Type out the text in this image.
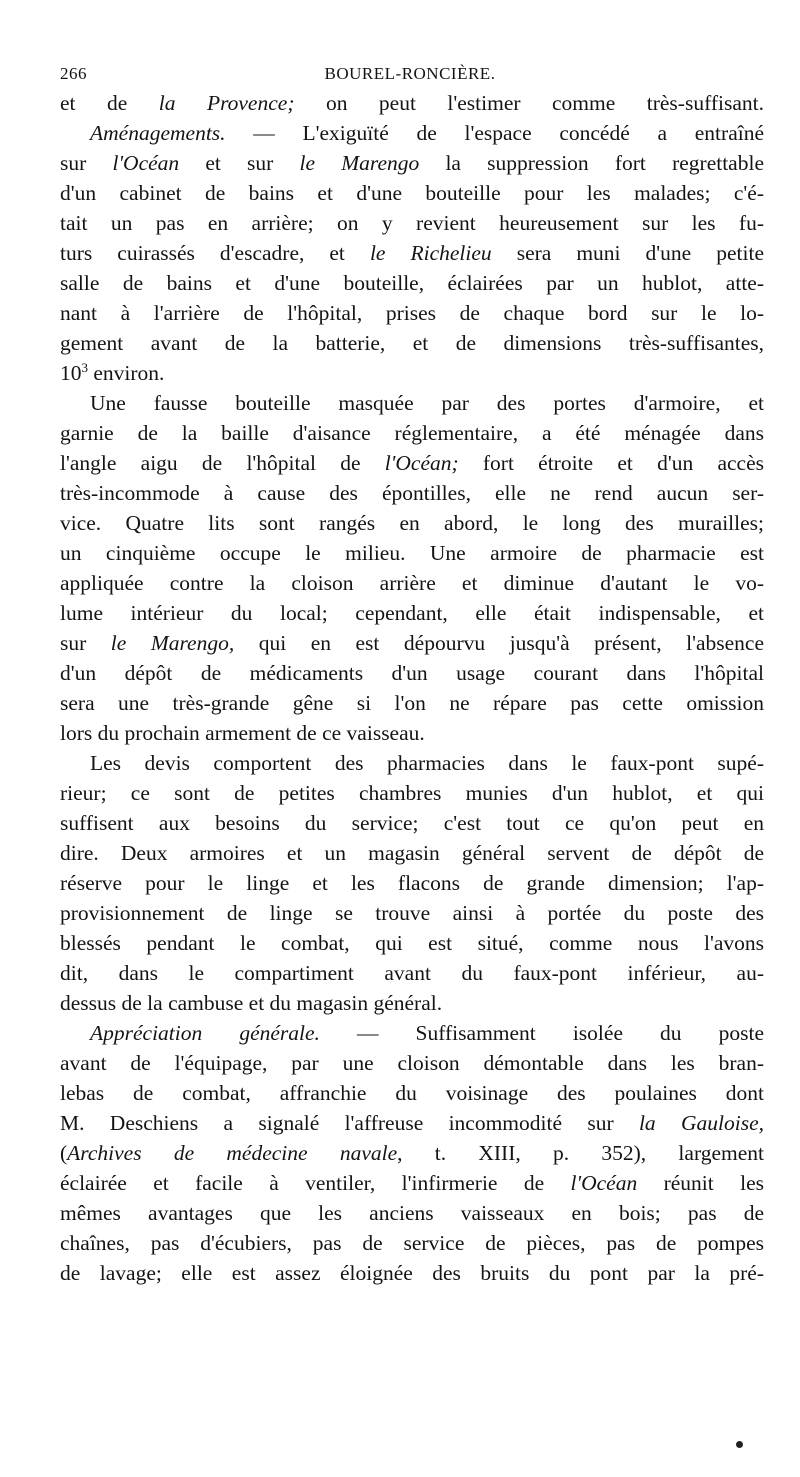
266	BOUREL-RONCIÈRE.
et de la Provence; on peut l'estimer comme très-suffisant.
Aménagements. — L'exiguïté de l'espace concédé a entraîné
sur l'Océan et sur le Marengo la suppression fort regrettable
d'un cabinet de bains et d'une bouteille pour les malades; c'é-
tait un pas en arrière; on y revient heureusement sur les fu-
turs cuirassés d'escadre, et le Richelieu sera muni d'une petite
salle de bains et d'une bouteille, éclairées par un hublot, atte-
nant à l'arrière de l'hôpital, prises de chaque bord sur le lo-
gement avant de la batterie, et de dimensions très-suffisantes,
$10^3$ environ.
Une fausse bouteille masquée par des portes d'armoire, et
garnie de la baille d'aisance réglementaire, a été ménagée dans
l'angle aigu de l'hôpital de l'Océan; fort étroite et d'un accès
très-incommode à cause des épontilles, elle ne rend aucun ser-
vice. Quatre lits sont rangés en abord, le long des murailles;
un cinquième occupe le milieu. Une armoire de pharmacie est
appliquée contre la cloison arrière et diminue d'autant le vo-
lume intérieur du local; cependant, elle était indispensable, et
sur le Marengo, qui en est dépourvu jusqu'à présent, l'absence
d'un dépôt de médicaments d'un usage courant dans l'hôpital
sera une très-grande gêne si l'on ne répare pas cette omission
lors du prochain armement de ce vaisseau.
Les devis comportent des pharmacies dans le faux-pont supé-
rieur; ce sont de petites chambres munies d'un hublot, et qui
suffisent aux besoins du service; c'est tout ce qu'on peut en
dire. Deux armoires et un magasin général servent de dépôt de
réserve pour le linge et les flacons de grande dimension; l'ap-
provisionnement de linge se trouve ainsi à portée du poste des
blessés pendant le combat, qui est situé, comme nous l'avons
dit, dans le compartiment avant du faux-pont inférieur, au-
dessus de la cambuse et du magasin général.
Appréciation générale. — Suffisamment isolée du poste
avant de l'équipage, par une cloison démontable dans les bran-
lebas de combat, affranchie du voisinage des poulaines dont
M. Deschiens a signalé l'affreuse incommodité sur la Gauloise,
(Archives de médecine navale, t. XIII, p. 352), largement
éclairée et facile à ventiler, l'infirmerie de l'Océan réunit les
mêmes avantages que les anciens vaisseaux en bois; pas de
chaînes, pas d'écubiers, pas de service de pièces, pas de pompes
de lavage; elle est assez éloignée des bruits du pont par la pré-
